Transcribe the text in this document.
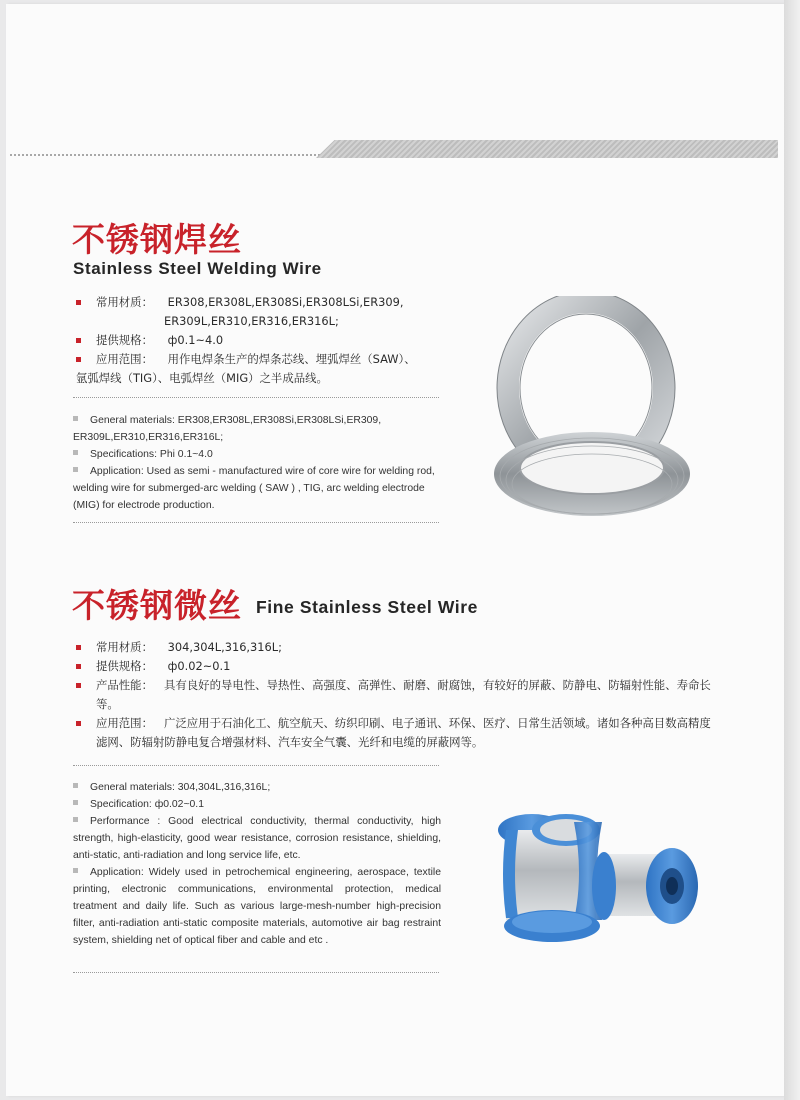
不锈钢焊丝
Stainless Steel Welding Wire
常用材质： ER308,ER308L,ER308Si,ER308LSi,ER309,
ER309L,ER310,ER316,ER316L;
提供规格： ф0.1~4.0
应用范围： 用作电焊条生产的焊条芯线、埋弧焊丝（SAW）、
氩弧焊线（TIG）、电弧焊丝（MIG）之半成品线。
General materials: ER308,ER308L,ER308Si,ER308LSi,ER309, ER309L,ER310,ER316,ER316L;
Specifications: Phi 0.1~4.0
Application: Used as semi - manufactured wire of core wire for welding rod, welding wire for submerged-arc welding ( SAW ) , TIG, arc welding electrode (MIG) for electrode production.
不锈钢微丝 Fine Stainless Steel Wire
常用材质： 304,304L,316,316L;
提供规格： ф0.02~0.1
产品性能： 具有良好的导电性、导热性、高强度、高弹性、耐磨、耐腐蚀，有较好的屏蔽、防静电、防辐射性能、寿命长等。
应用范围： 广泛应用于石油化工、航空航天、纺织印刷、电子通讯、环保、医疗、日常生活领域。诸如各种高目数高精度滤网、防辐射防静电复合增强材料、汽车安全气囊、光纤和电缆的屏蔽网等。
General materials: 304,304L,316,316L;
Specification: ф0.02~0.1
Performance : Good electrical conductivity, thermal conductivity, high strength, high-elasticity, good wear resistance, corrosion resistance, shielding, anti-static, anti-radiation and long service life, etc.
Application: Widely used in petrochemical engineering, aerospace, textile printing, electronic communications, environmental protection, medical treatment and daily life. Such as various large-mesh-number high-precision filter, anti-radiation anti-static composite materials, automotive air bag restraint system, shielding net of optical fiber and cable and etc .
